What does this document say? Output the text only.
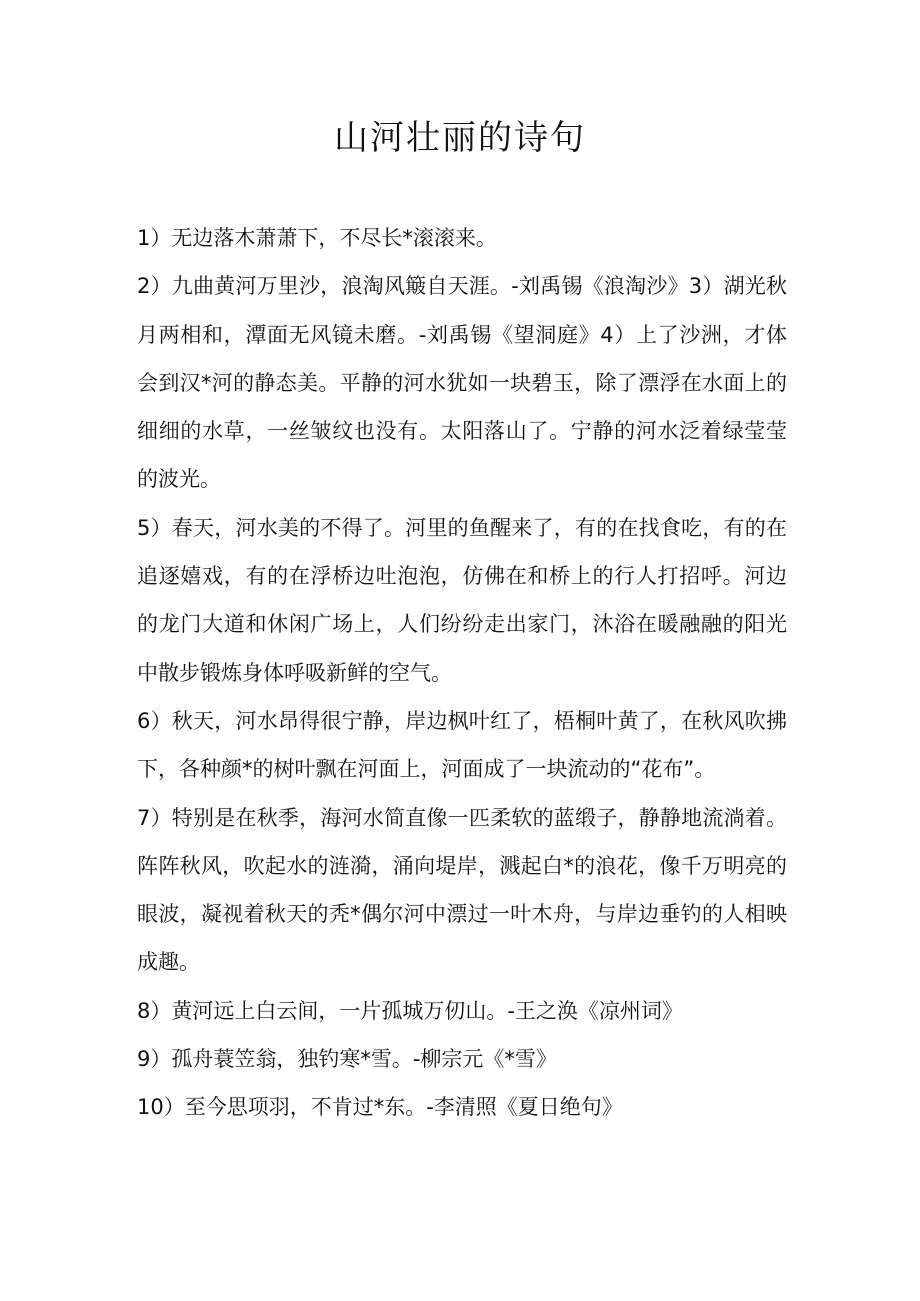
山河壮丽的诗句

1）无边落木萧萧下，不尽长*滚滚来。

2）九曲黄河万里沙，浪淘风簸自天涯。-刘禹锡《浪淘沙》3）湖光秋月两相和，潭面无风镜未磨。-刘禹锡《望洞庭》4）上了沙洲，才体会到汉*河的静态美。平静的河水犹如一块碧玉，除了漂浮在水面上的细细的水草，一丝皱纹也没有。太阳落山了。宁静的河水泛着绿莹莹的波光。

5）春天，河水美的不得了。河里的鱼醒来了，有的在找食吃，有的在追逐嬉戏，有的在浮桥边吐泡泡，仿佛在和桥上的行人打招呼。河边的龙门大道和休闲广场上，人们纷纷走出家门，沐浴在暖融融的阳光中散步锻炼身体呼吸新鲜的空气。

6）秋天，河水昂得很宁静，岸边枫叶红了，梧桐叶黄了，在秋风吹拂下，各种颜*的树叶飘在河面上，河面成了一块流动的“花布”。

7）特别是在秋季，海河水简直像一匹柔软的蓝缎子，静静地流淌着。阵阵秋风，吹起水的涟漪，涌向堤岸，溅起白*的浪花，像千万明亮的眼波，凝视着秋天的秃*偶尔河中漂过一叶木舟，与岸边垂钓的人相映成趣。

8）黄河远上白云间，一片孤城万仞山。-王之涣《凉州词》

9）孤舟蓑笠翁，独钓寒*雪。-柳宗元《*雪》

10）至今思项羽，不肯过*东。-李清照《夏日绝句》
